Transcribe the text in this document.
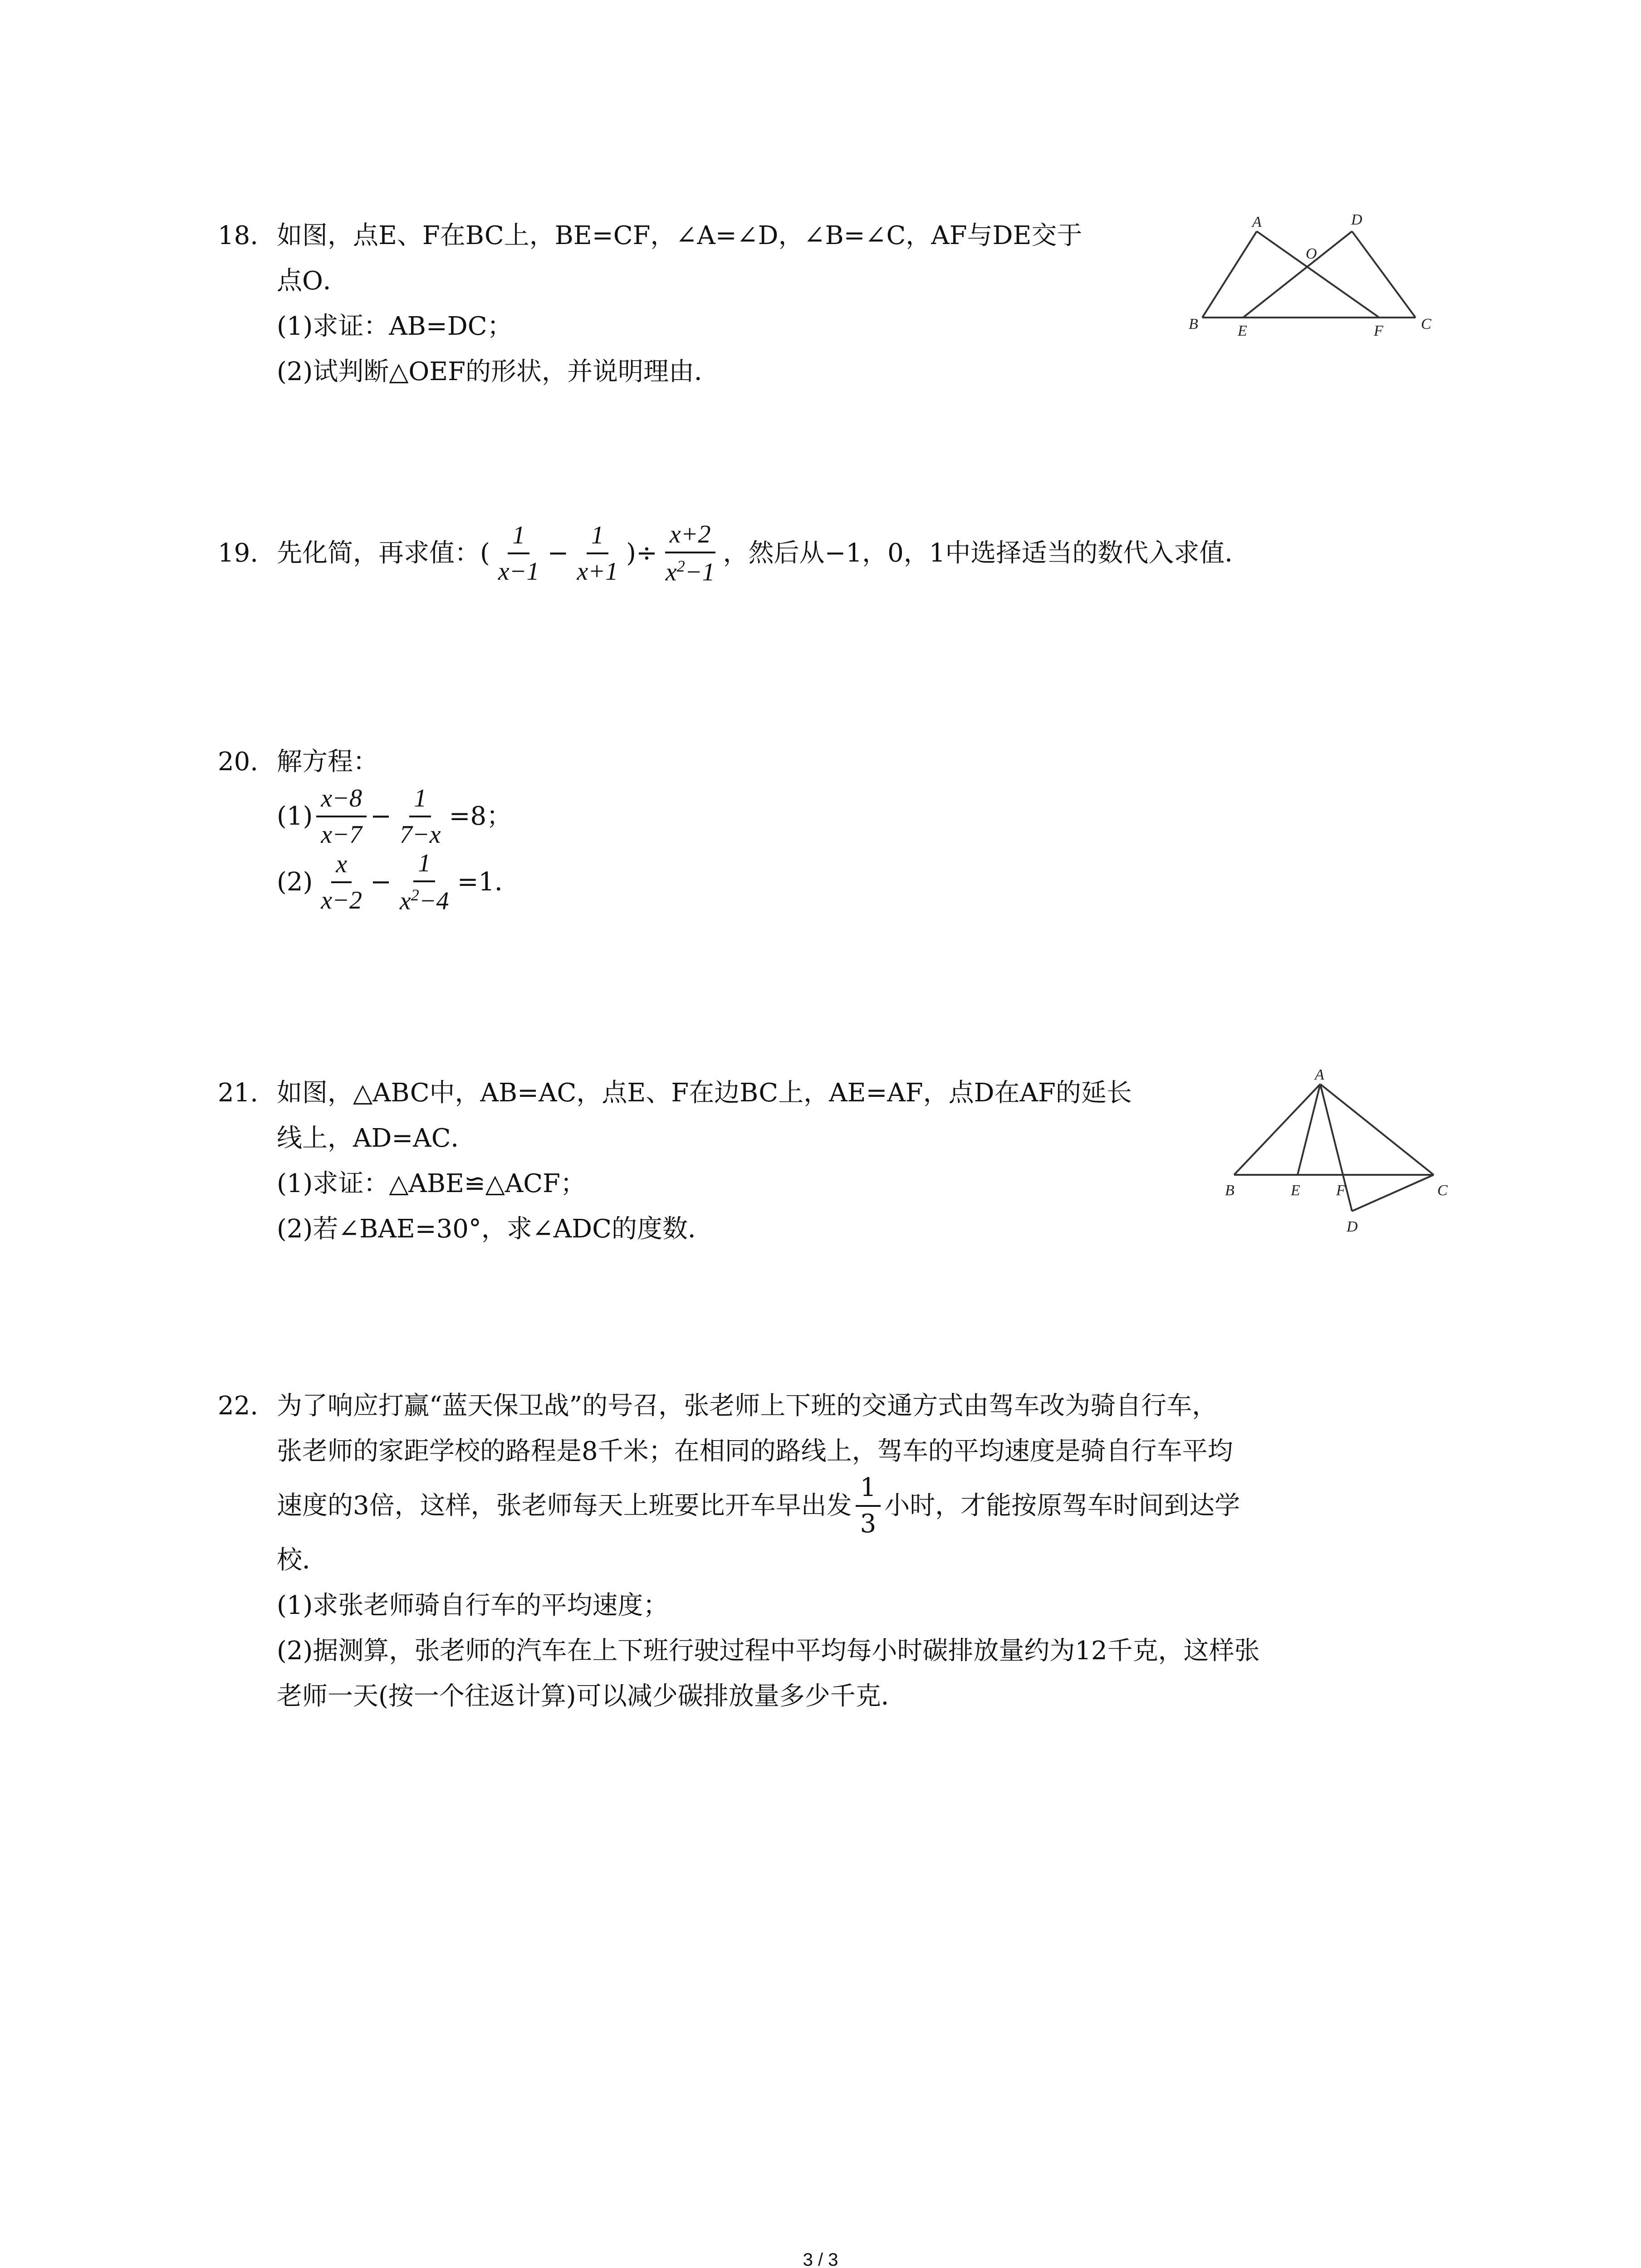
18. 如图，点E、F在BC上，BE=CF，∠A=∠D，∠B=∠C，AF与DE交于
点O．
(1)求证：AB=DC；
(2)试判断△OEF的形状，并说明理由．
A	D
O
B	E	F C
19. 先化简，再求值：( $\frac{1}{x-1} - \frac{1}{x+1}$ )÷ $\frac{x+2}{x^2-1}$ ，然后从−1，0，1中选择适当的数代入求值．
20. 解方程：
$(1) \frac{x-8}{x-7} - \frac{1}{7-x} =8$；
$(2) \frac{x}{x-2} - \frac{1}{x^2-4} =1$．
21. 如图，△ABC中，AB=AC，点E、F在边BC上，AE=AF，点D在AF的延长
线上，AD=AC．
(1)求证：△ABE≌△ACF；
(2)若∠BAE=30°，求∠ADC的度数．
A
B	E F	C
D
22. 为了响应打赢“蓝天保卫战”的号召，张老师上下班的交通方式由驾车改为骑自行车，
张老师的家距学校的路程是8千米；在相同的路线上，驾车的平均速度是骑自行车平均
速度的3倍，这样，张老师每天上班要比开车早出发 $\frac{1}{3}$ 小时，才能按原驾车时间到达学
校．
(1)求张老师骑自行车的平均速度；
(2)据测算，张老师的汽车在上下班行驶过程中平均每小时碳排放量约为12千克，这样张
老师一天(按一个往返计算)可以减少碳排放量多少千克．
3 / 3
